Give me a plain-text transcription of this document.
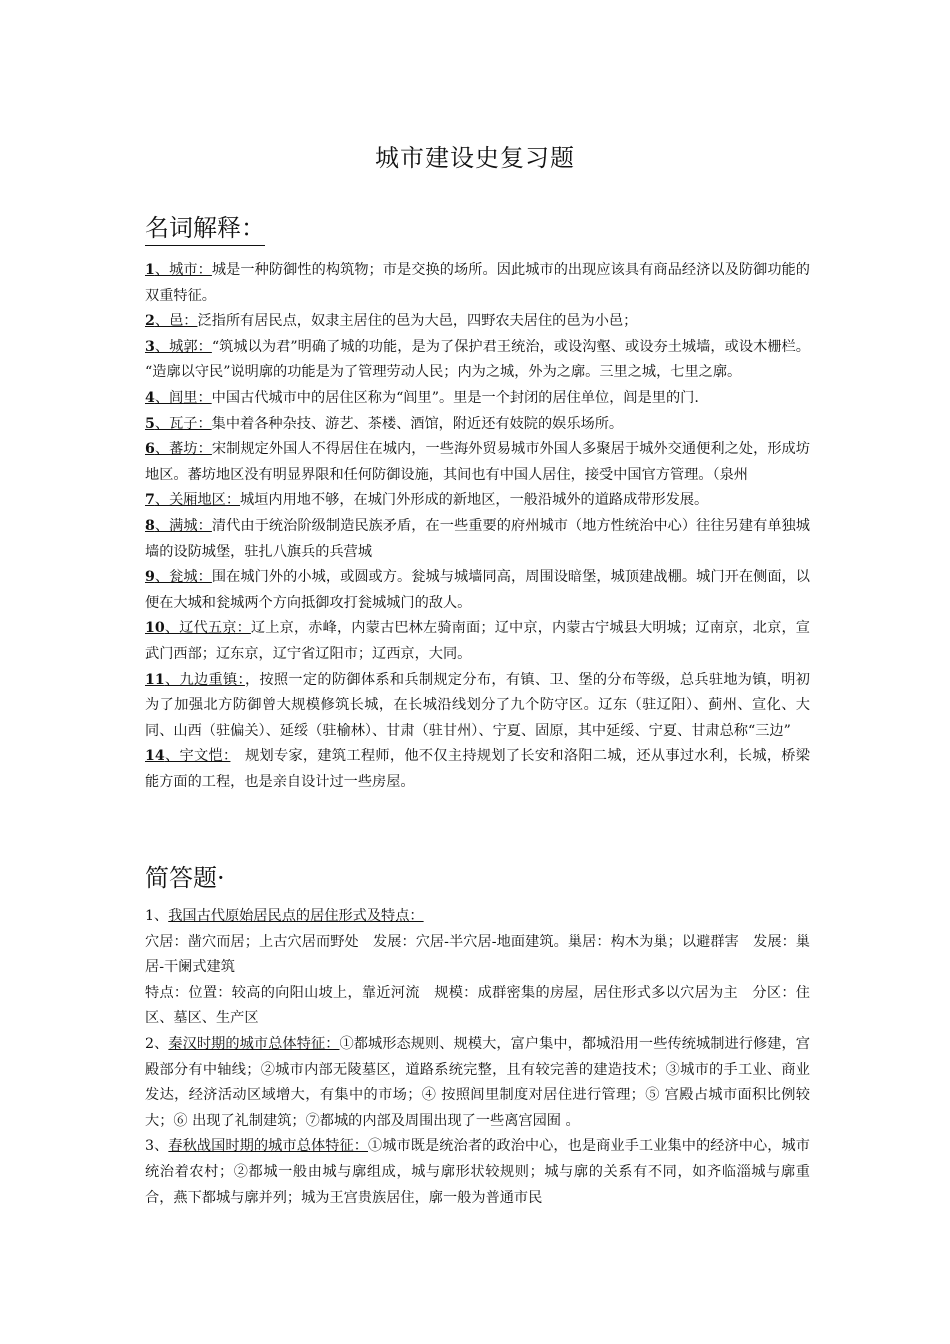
城市建设史复习题
名词解释：

1、城市：城是一种防御性的构筑物；市是交换的场所。因此城市的出现应该具有商品经济以及防御功能的双重特征。

2、邑：泛指所有居民点，奴隶主居住的邑为大邑，四野农夫居住的邑为小邑；

3、城郭：“筑城以为君”明确了城的功能，是为了保护君王统治，或设沟壑、或设夯土城墙，或设木栅栏。 “造廓以守民”说明廓的功能是为了管理劳动人民；内为之城，外为之廓。三里之城，七里之廓。

4、闾里：中国古代城市中的居住区称为“闾里”。里是一个封闭的居住单位，闾是里的门.

5、瓦子：集中着各种杂技、游艺、茶楼、酒馆，附近还有妓院的娱乐场所。

6、蕃坊：宋制规定外国人不得居住在城内，一些海外贸易城市外国人多聚居于城外交通便利之处，形成坊地区。蕃坊地区没有明显界限和任何防御设施，其间也有中国人居住，接受中国官方管理。（泉州

7、关厢地区：城垣内用地不够，在城门外形成的新地区，一般沿城外的道路成带形发展。

8、满城：清代由于统治阶级制造民族矛盾，在一些重要的府州城市（地方性统治中心）往往另建有单独城墙的设防城堡，驻扎八旗兵的兵营城

9、瓮城：围在城门外的小城，或圆或方。瓮城与城墙同高，周围设暗堡，城顶建战棚。城门开在侧面，以便在大城和瓮城两个方向抵御攻打瓮城城门的敌人。

10、辽代五京：辽上京，赤峰，内蒙古巴林左骑南面；辽中京，内蒙古宁城县大明城；辽南京，北京，宣武门西部；辽东京，辽宁省辽阳市；辽西京，大同。

11、九边重镇：，按照一定的防御体系和兵制规定分布，有镇、卫、堡的分布等级，总兵驻地为镇，明初为了加强北方防御曾大规模修筑长城，在长城沿线划分了九个防守区。辽东（驻辽阳）、蓟州、宣化、大同、山西（驻偏关）、延绥（驻榆林）、甘肃（驻甘州）、宁夏、固原，其中延绥、宁夏、甘肃总称“三边”

14、宇文恺：　规划专家，建筑工程师，他不仅主持规划了长安和洛阳二城，还从事过水利，长城，桥梁能方面的工程，也是亲自设计过一些房屋。

简答题·

1、我国古代原始居民点的居住形式及特点：

穴居：凿穴而居；上古穴居而野处　发展：穴居-半穴居-地面建筑。巢居：构木为巢；以避群害　发展：巢居-干阑式建筑

特点：位置：较高的向阳山坡上，靠近河流　规模：成群密集的房屋，居住形式多以穴居为主　分区：住区、墓区、生产区

2、秦汉时期的城市总体特征：①都城形态规则、规模大，富户集中，都城沿用一些传统城制进行修建，宫殿部分有中轴线；②城市内部无陵墓区，道路系统完整，且有较完善的建造技术；③城市的手工业、商业发达，经济活动区域增大，有集中的市场；④ 按照闾里制度对居住进行管理；⑤ 宫殿占城市面积比例较大；⑥ 出现了礼制建筑；⑦都城的内部及周围出现了一些离宫园囿 。

3、春秋战国时期的城市总体特征：①城市既是统治者的政治中心，也是商业手工业集中的经济中心，城市统治着农村；②都城一般由城与廓组成，城与廓形状较规则；城与廓的关系有不同，如齐临淄城与廓重合，燕下都城与廓并列；城为王宫贵族居住，廓一般为普通市民
